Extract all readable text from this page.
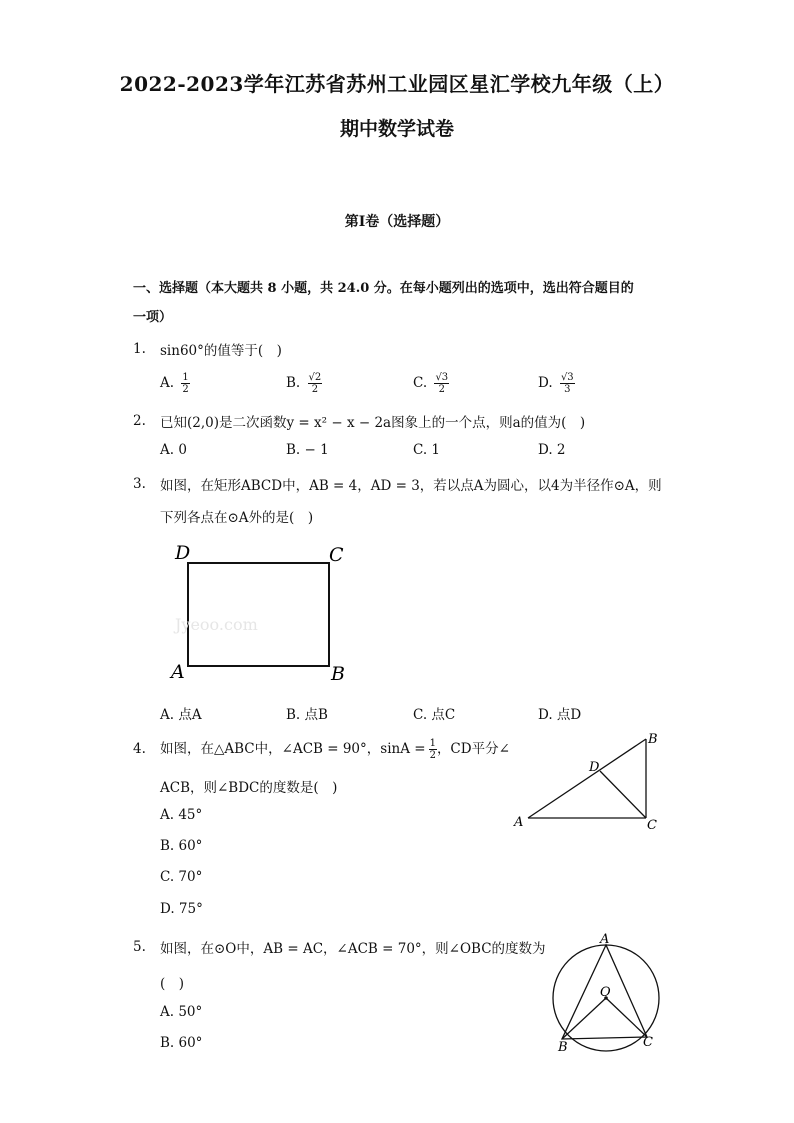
2022-2023学年江苏省苏州工业园区星汇学校九年级（上）
期中数学试卷
第I卷（选择题）
一、选择题（本大题共 8 小题，共 24.0 分。在每小题列出的选项中，选出符合题目的
一项）
1. sin60°的值等于(　)
A. $\frac{1}{2}$	B. $\frac{√2}{2}$	C. $\frac{√3}{2}$	D. $\frac{√3}{3}$
2. 已知(2,0)是二次函数y = x² − x − 2a图象上的一个点，则a的值为(　)
A. 0	B. − 1	C. 1	D. 2
3. 如图，在矩形ABCD中，AB = 4，AD = 3，若以点A为圆心，以4为半径作⊙A，则
下列各点在⊙A外的是(　)
D	C
A	B
Jyeoo.com
A. 点A	B. 点B	C. 点C	D. 点D
4. 如图，在△ABC中，∠ACB = 90°，$\sin A = \frac{1}{2}$ ，CD平分∠
ACB，则∠BDC的度数是(　)
A
B
C
D
A. 45°
B. 60°
C. 70°
D. 75°
5. 如图，在⊙O中，AB = AC，∠ACB = 70°，则∠OBC的度数为
(　)
A
B	C
O
A. 50°
B. 60°
